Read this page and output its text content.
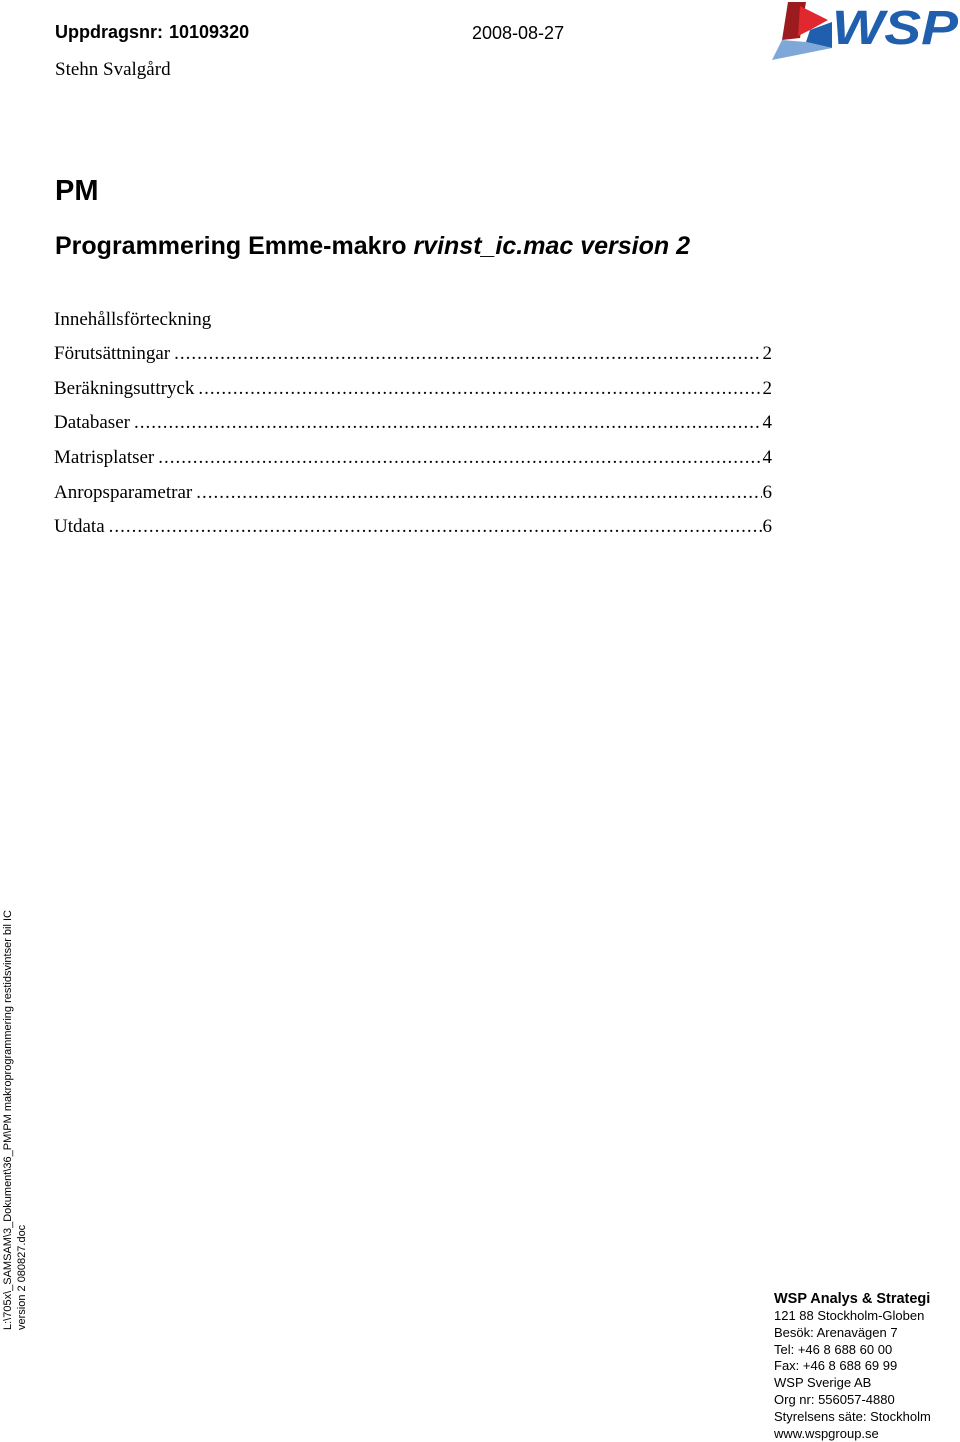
Uppdragsnr: 10109320	2008-08-27
Stehn Svalgård
WSP
PM
Programmering Emme-makro rvinst_ic.mac version 2
Innehållsförteckning
Förutsättningar .....	2
Beräkningsuttryck .....	2
Databaser .....	4
Matrisplatser .....	4
Anropsparametrar .....	6
Utdata .....	6
L:\705x\_SAMSAM\3_Dokument\36_PM\PM makroprogrammering restidsvintser bil IC version 2 080827.doc	WSP Analys & Strategi
121 88 Stockholm-Globen
Besök: Arenavägen 7
Tel: +46 8 688 60 00
Fax: +46 8 688 69 99
WSP Sverige AB
Org nr: 556057-4880
Styrelsens säte: Stockholm
www.wspgroup.se
